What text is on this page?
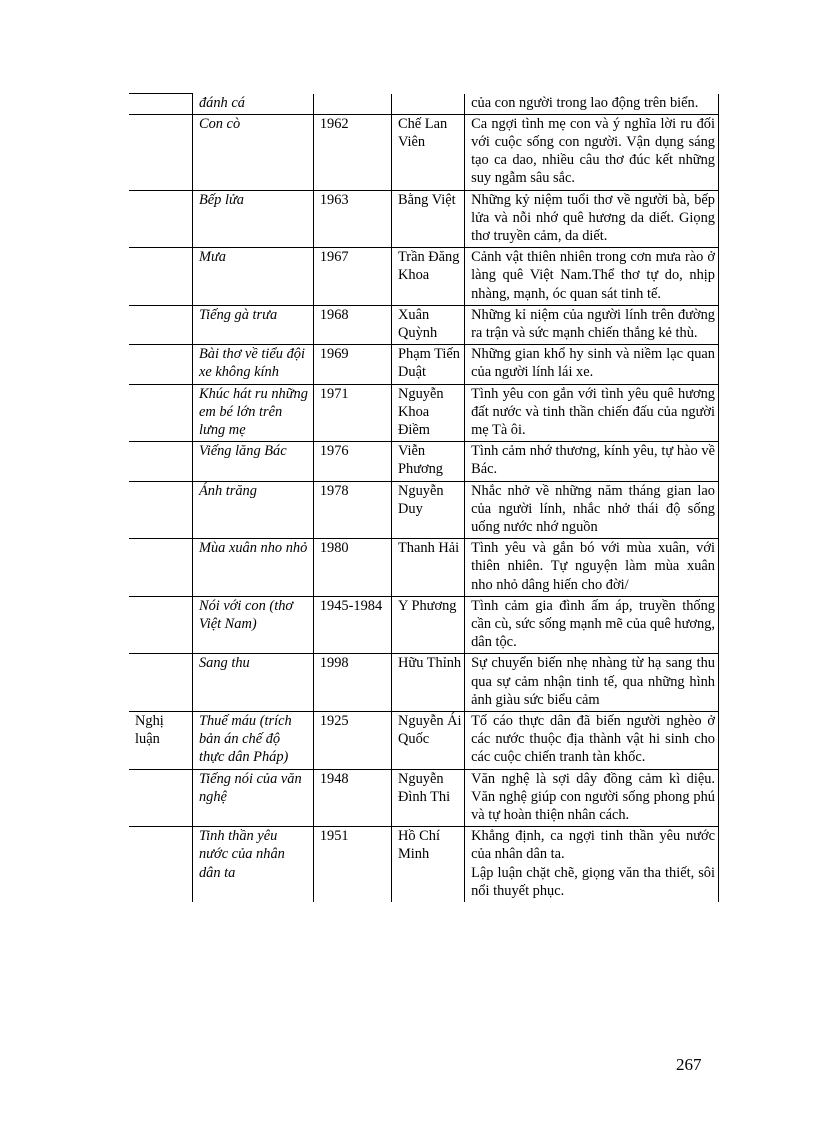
	đánh cá			của con người trong lao động trên biển.
	Con cò	1962	Chế Lan Viên	Ca ngợi tình mẹ con và ý nghĩa lời ru đối với cuộc sống con người. Vận dụng sáng tạo ca dao, nhiều câu thơ đúc kết những suy ngẫm sâu sắc.
	Bếp lửa	1963	Bằng Việt	Những kỷ niệm tuổi thơ về người bà, bếp lửa và nỗi nhớ quê hương da diết. Giọng thơ truyền cảm, da diết.
	Mưa	1967	Trần Đăng Khoa	Cảnh vật thiên nhiên trong cơn mưa rào ở làng quê Việt Nam.Thể thơ tự do, nhịp nhàng, mạnh, óc quan sát tinh tế.
	Tiếng gà trưa	1968	Xuân Quỳnh	Những kỉ niệm của người lính trên đường ra trận và sức mạnh chiến thắng kẻ thù.
	Bài thơ về tiểu đội xe không kính	1969	Phạm Tiến Duật	Những gian khổ hy sinh và niềm lạc quan của người lính lái xe.
	Khúc hát ru những em bé lớn trên lưng mẹ	1971	Nguyễn Khoa Điềm	Tình yêu con gắn với tình yêu quê hương đất nước và tinh thần chiến đấu của người mẹ Tà ôi.
	Viếng lăng Bác	1976	Viễn Phương	Tình cảm nhớ thương, kính yêu, tự hào về Bác.
	Ánh trăng	1978	Nguyễn Duy	Nhắc nhở về những năm tháng gian lao của người lính, nhắc nhở thái độ sống uống nước nhớ nguồn
	Mùa xuân nho nhỏ	1980	Thanh Hải	Tình yêu và gắn bó với mùa xuân, với thiên nhiên. Tự nguyện làm mùa xuân nho nhỏ dâng hiến cho đời/
	Nói với con (thơ Việt Nam)	1945-1984	Y Phương	Tình cảm gia đình ấm áp, truyền thống cần cù, sức sống mạnh mẽ của quê hương, dân tộc.
	Sang thu	1998	Hữu Thỉnh	Sự chuyển biến nhẹ nhàng từ hạ sang thu qua sự cảm nhận tinh tế, qua những hình ảnh giàu sức biểu cảm
Nghị luận	Thuế máu (trích bản án chế độ thực dân Pháp)	1925	Nguyễn Ái Quốc	Tố cáo thực dân đã biến người nghèo ở các nước thuộc địa thành vật hi sinh cho các cuộc chiến tranh tàn khốc.
	Tiếng nói của văn nghệ	1948	Nguyễn Đình Thi	Văn nghệ là sợi dây đồng cảm kì diệu. Văn nghệ giúp con người sống phong phú và tự hoàn thiện nhân cách.
	Tinh thần yêu nước của nhân dân ta	1951	Hồ Chí Minh	Khẳng định, ca ngợi tinh thần yêu nước của nhân dân ta.
Lập luận chặt chẽ, giọng văn tha thiết, sôi nổi thuyết phục.
267
